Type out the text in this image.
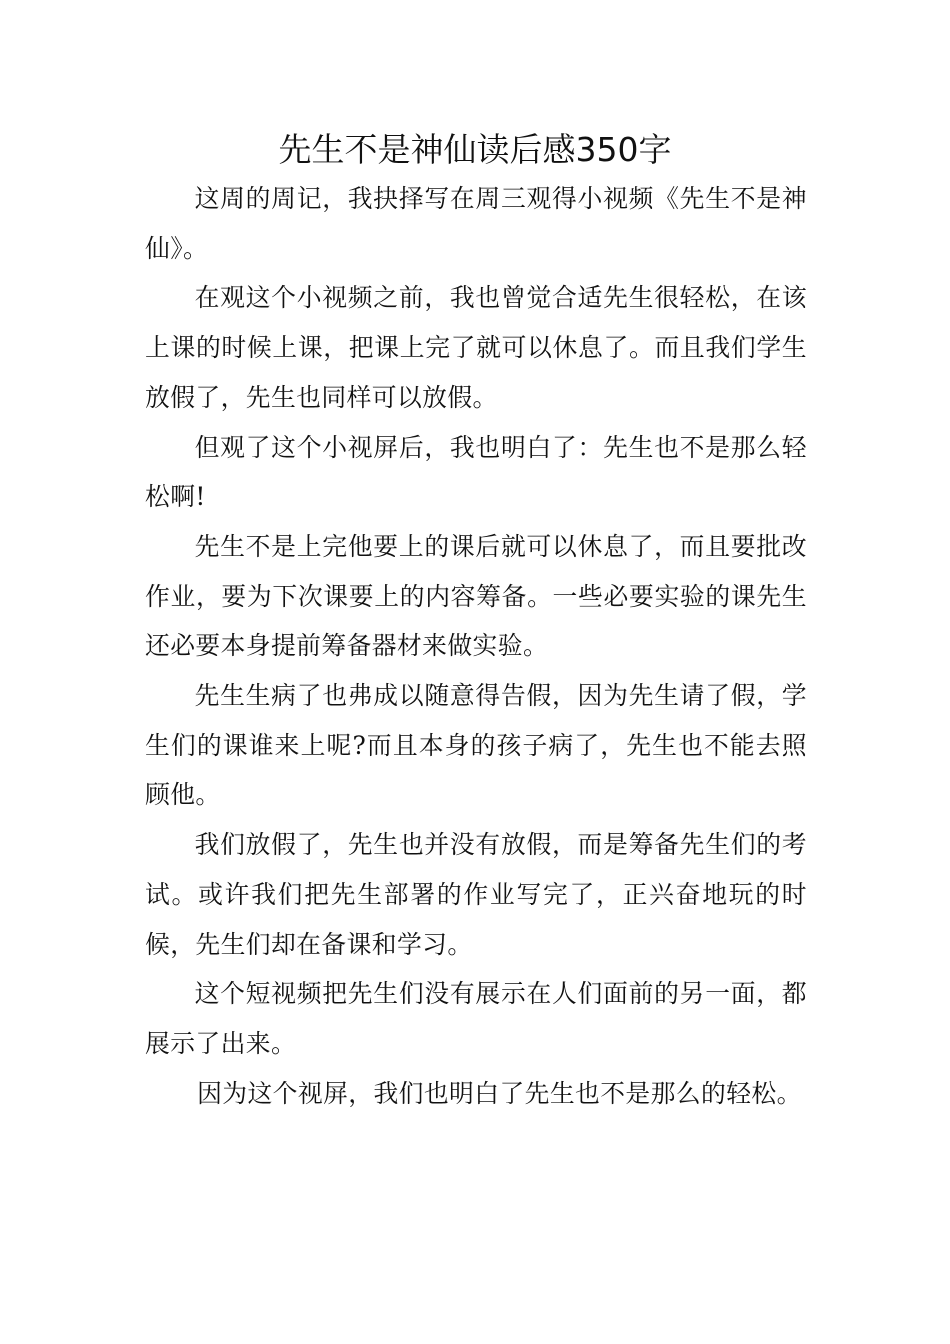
先生不是神仙读后感350字

这周的周记，我抉择写在周三观得小视频《先生不是神仙》。

在观这个小视频之前，我也曾觉合适先生很轻松，在该上课的时候上课，把课上完了就可以休息了。而且我们学生放假了，先生也同样可以放假。

但观了这个小视屏后，我也明白了：先生也不是那么轻松啊!

先生不是上完他要上的课后就可以休息了，而且要批改作业，要为下次课要上的内容筹备。一些必要实验的课先生还必要本身提前筹备器材来做实验。

先生生病了也弗成以随意得告假，因为先生请了假，学生们的课谁来上呢?而且本身的孩子病了，先生也不能去照顾他。

我们放假了，先生也并没有放假，而是筹备先生们的考试。或许我们把先生部署的作业写完了，正兴奋地玩的时候，先生们却在备课和学习。

这个短视频把先生们没有展示在人们面前的另一面，都展示了出来。

因为这个视屏，我们也明白了先生也不是那么的轻松。
